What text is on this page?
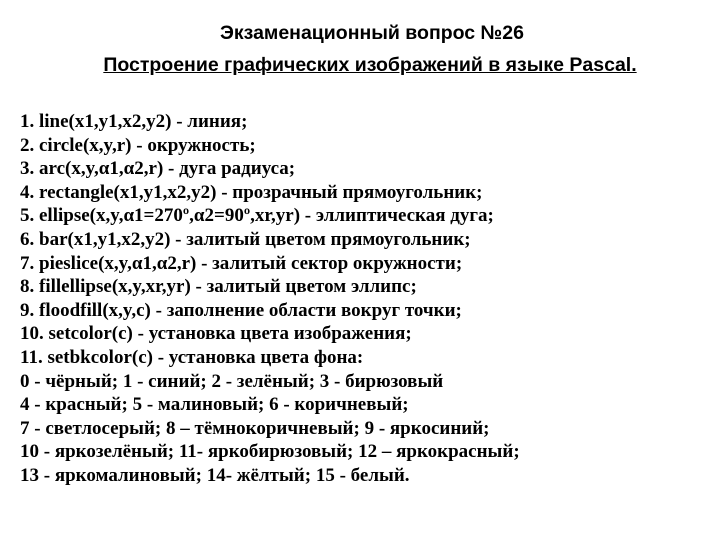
Экзаменационный вопрос №26
Построение графических изображений в языке Pascal.
1. line(x1,y1,x2,y2) - линия;
2. circle(x,y,r) - окружность;
3. arc(x,y,α1,α2,r) - дуга радиуса;
4. rectangle(x1,y1,x2,y2) - прозрачный прямоугольник;
5. ellipse(x,y,α1=270º,α2=90º,xr,yr) - эллиптическая дуга;
6. bar(x1,y1,x2,y2) - залитый цветом прямоугольник;
7. pieslice(x,y,α1,α2,r) - залитый сектор окружности;
8. fillellipse(x,y,xr,yr) - залитый цветом эллипс;
9. floodfill(x,y,c) - заполнение области вокруг точки;
10. setcolor(c) - установка цвета изображения;
11. setbkcolor(c) - установка цвета фона:
0 - чёрный; 1 - синий; 2 - зелёный; 3 - бирюзовый
4 - красный; 5 - малиновый; 6 - коричневый;
7 - светлосерый; 8 – тёмнокоричневый; 9 - яркосиний;
10 - яркозелёный; 11- яркобирюзовый; 12 – яркокрасный;
13 - яркомалиновый; 14- жёлтый; 15 - белый.
